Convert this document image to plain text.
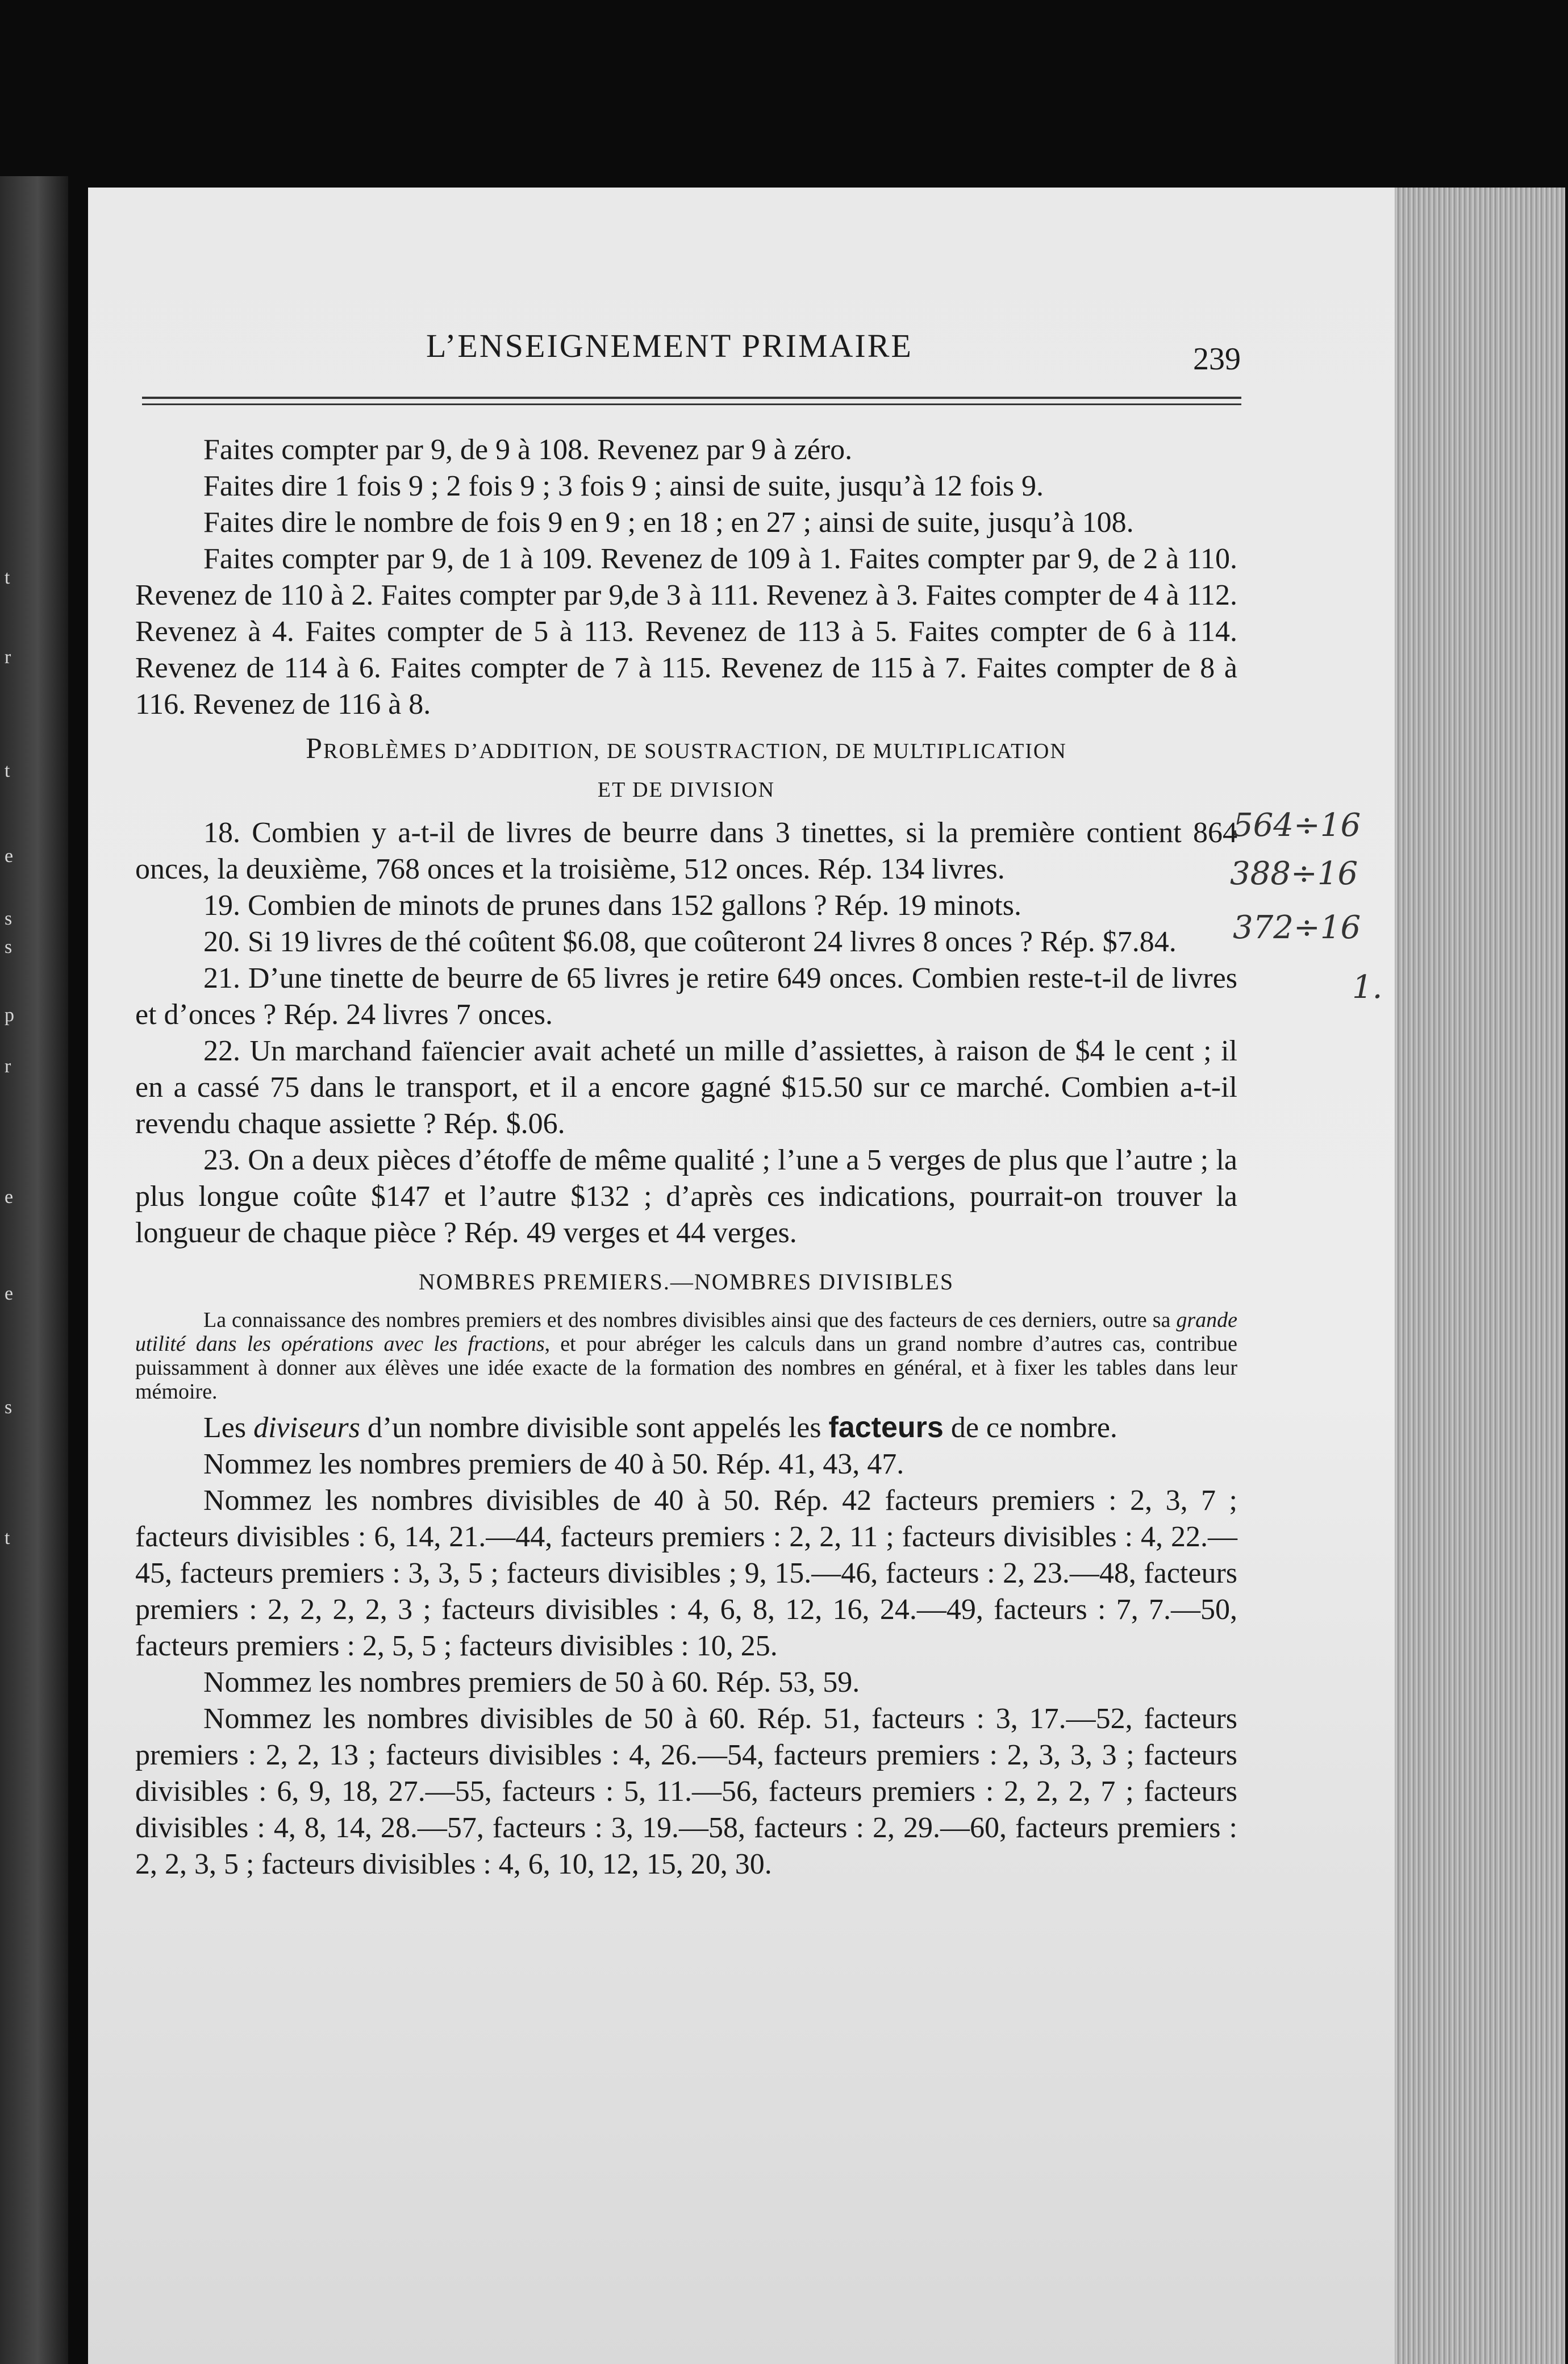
t
r
t
e
s
s
p
r
e
e
s
t
L’ENSEIGNEMENT PRIMAIRE	239

Faites compter par 9, de 9 à 108. Revenez par 9 à zéro.

Faites dire 1 fois 9 ; 2 fois 9 ; 3 fois 9 ; ainsi de suite, jusqu’à 12 fois 9.

Faites dire le nombre de fois 9 en 9 ; en 18 ; en 27 ; ainsi de suite, jusqu’à 108.

Faites compter par 9, de 1 à 109. Revenez de 109 à 1. Faites compter par 9, de 2 à 110. Revenez de 110 à 2. Faites compter par 9,de 3 à 111. Revenez à 3. Faites compter de 4 à 112. Revenez à 4. Faites compter de 5 à 113. Revenez de 113 à 5. Faites compter de 6 à 114. Revenez de 114 à 6. Faites compter de 7 à 115. Revenez de 115 à 7. Faites compter de 8 à 116. Revenez de 116 à 8.

PROBLÈMES D’ADDITION, DE SOUSTRACTION, DE MULTIPLICATION

ET DE DIVISION

18. Combien y a-t-il de livres de beurre dans 3 tinettes, si la première contient 864 onces, la deuxième, 768 onces et la troisième, 512 onces. Rép. 134 livres.

19. Combien de minots de prunes dans 152 gallons ? Rép. 19 minots.

20. Si 19 livres de thé coûtent $6.08, que coûteront 24 livres 8 onces ? Rép. $7.84.

21. D’une tinette de beurre de 65 livres je retire 649 onces. Combien reste-t-il de livres et d’onces ? Rép. 24 livres 7 onces.

22. Un marchand faïencier avait acheté un mille d’assiettes, à raison de $4 le cent ; il en a cassé 75 dans le transport, et il a encore gagné $15.50 sur ce marché. Combien a-t-il revendu chaque assiette ? Rép. $.06.

23. On a deux pièces d’étoffe de même qualité ; l’une a 5 verges de plus que l’autre ; la plus longue coûte $147 et l’autre $132 ; d’après ces indications, pourrait-on trouver la longueur de chaque pièce ? Rép. 49 verges et 44 verges.

NOMBRES PREMIERS.—NOMBRES DIVISIBLES

La connaissance des nombres premiers et des nombres divisibles ainsi que des facteurs de ces derniers, outre sa grande utilité dans les opérations avec les fractions, et pour abréger les calculs dans un grand nombre d’autres cas, contribue puissamment à donner aux élèves une idée exacte de la formation des nombres en général, et à fixer les tables dans leur mémoire.

Les diviseurs d’un nombre divisible sont appelés les facteurs de ce nombre.

Nommez les nombres premiers de 40 à 50. Rép. 41, 43, 47.

Nommez les nombres divisibles de 40 à 50. Rép. 42 facteurs premiers : 2, 3, 7 ; facteurs divisibles : 6, 14, 21.—44, facteurs premiers : 2, 2, 11 ; facteurs divisibles : 4, 22.—45, facteurs premiers : 3, 3, 5 ; facteurs divisibles ; 9, 15.—46, facteurs : 2, 23.—48, facteurs premiers : 2, 2, 2, 2, 3 ; facteurs divisibles : 4, 6, 8, 12, 16, 24.—49, facteurs : 7, 7.—50, facteurs premiers : 2, 5, 5 ; facteurs divisibles : 10, 25.

Nommez les nombres premiers de 50 à 60. Rép. 53, 59.

Nommez les nombres divisibles de 50 à 60. Rép. 51, facteurs : 3, 17.—52, facteurs premiers : 2, 2, 13 ; facteurs divisibles : 4, 26.—54, facteurs premiers : 2, 3, 3, 3 ; facteurs divisibles : 6, 9, 18, 27.—55, facteurs : 5, 11.—56, facteurs premiers : 2, 2, 2, 7 ; facteurs divisibles : 4, 8, 14, 28.—57, facteurs : 3, 19.—58, facteurs : 2, 29.—60, facteurs premiers : 2, 2, 3, 5 ; facteurs divisibles : 4, 6, 10, 12, 15, 20, 30.

564÷16
388÷16
372÷16
1.
